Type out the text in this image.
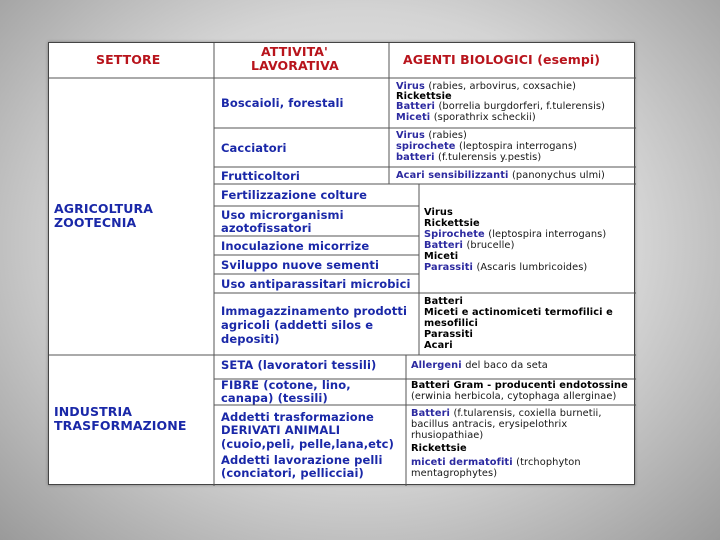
SETTORE
ATTIVITA'
LAVORATIVA	AGENTI BIOLOGICI (esempi)
AGRICOLTURA
ZOOTECNIA
INDUSTRIA
TRASFORMAZIONE
Boscaioli, forestali
Cacciatori
Frutticoltori
Fertilizzazione colture
Uso microrganismi
azotofissatori
Inoculazione micorrize
Sviluppo nuove sementi
Uso antiparassitari microbici
Immagazzinamento prodotti
agricoli (addetti silos e
depositi)
SETA (lavoratori tessili)
FIBRE (cotone, lino,
canapa) (tessili)
Addetti trasformazione
DERIVATI ANIMALI
(cuoio,peli, pelle,lana,etc)
Addetti lavorazione pelli
(conciatori, pellicciai)
Virus (rabies, arbovirus, coxsachie)
Rickettsie
Batteri (borrelia burgdorferi, f.tulerensis)
Miceti (sporathrix scheckii)
Virus (rabies)
spirochete (leptospira interrogans)
batteri (f.tulerensis y.pestis)
Acari sensibilizzanti (panonychus ulmi)
Virus
Rickettsie
Spirochete (leptospira interrogans)
Batteri (brucelle)
Miceti
Parassiti (Ascaris lumbricoides)
Batteri
Miceti e actinomiceti termofilici e
mesofilici
Parassiti
Acari
Allergeni del baco da seta
Batteri Gram - producenti endotossine
(erwinia herbicola, cytophaga allerginae)
Batteri (f.tularensis, coxiella burnetii,
bacillus antracis, erysipelothrix
rhusiopathiae)
Rickettsie
miceti dermatofiti (trchophyton
mentagrophytes)
